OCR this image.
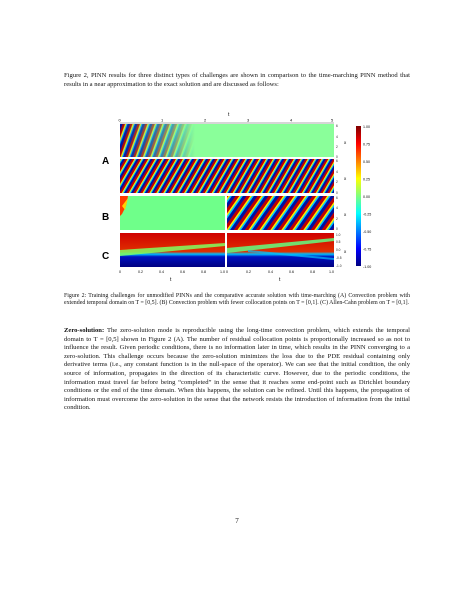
Figure 2, PINN results for three distinct types of challenges are shown in comparison to the time-marching PINN method that results in a near approximation to the exact solution and are discussed as follows:
t
0	1	2	3	4	5
A
B
C
6
4
2
0
6
4
2
0
6
4
2
0
1.0
0.5
0.0
-0.5
-1.0
x
x
x
x
1.00
0.75
0.50
0.25
0.00
-0.25
-0.50
-0.75
-1.00
0	0.2	0.4	0.6	0.8	1.0 0	0.2	0.4	0.6	0.8	1.0
t	t
Figure 2: Training challenges for unmodified PINNs and the comparative accurate solution with time-marching (A) Convection problem with extended temporal domain on T = [0,5]. (B) Convection problem with fewer collocation points on T = [0,1]. (C) Allen-Cahn problem on T = [0,1].
Zero-solution: The zero-solution mode is reproducible using the long-time convection problem, which extends the temporal domain to T = [0,5] shown in Figure 2 (A). The number of residual collocation points is proportionally increased so as not to influence the result. Given periodic conditions, there is no information later in time, which results in the PINN converging to a zero-solution. This challenge occurs because the zero-solution minimizes the loss due to the PDE residual containing only derivative terms (i.e., any constant function is in the null-space of the operator). We can see that the initial condition, the only source of information, propagates in the direction of its characteristic curve. However, due to the periodic conditions, the information must travel far before being “completed” in the sense that it reaches some end-point such as Dirichlet boundary conditions or the end of the time domain. When this happens, the solution can be refined. Until this happens, the propagation of information must overcome the zero-solution in the sense that the network resists the introduction of information from the initial condition.
7
